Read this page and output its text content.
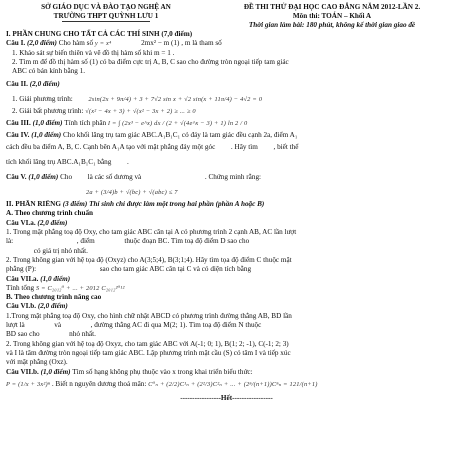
SỞ GIÁO DỤC VÀ ĐÀO TẠO NGHỆ AN
TRƯỜNG THPT QUỲNH LƯU 1
ĐỀ THI THỬ ĐẠI HỌC CAO ĐẲNG NĂM 2012-LẦN 2.
Môn thi: TOÁN – Khối A
Thời gian làm bài: 180 phút, không kể thời gian giao đề
I. PHẦN CHUNG CHO TẤT CẢ CÁC THÍ SINH (7,0 điểm)
Câu I. (2,0 điểm) Cho hàm số y = x⁴	2mx² − m (1) , m là tham số
1. Khảo sát sự biến thiên và vẽ đồ thị hàm số khi m = 1 .
2. Tìm m để đồ thị hàm số (1) có ba điểm cực trị A, B, C sao cho đường tròn ngoại tiếp tam giác
ABC có bán kính bằng 1.
Câu II. (2,0 điểm)
1. Giải phương trình: 2sin(2x + 9π/4) + 3 + 7√2 sin x + √2 sin(x + 11π/4) − 4√2 = 0
2. Giải bất phương trình: √(x² − 4x + 3) + √(x² − 3x + 2) ≥ ... ≥ 0
Câu III. (1,0 điểm) Tính tích phân I = ∫ (2x³ − e^x) dx / (2 + √(4e^x − 3) + 1) ln 2 / 0
Câu IV. (1,0 điểm) Cho khối lăng trụ tam giác ABC.A₁B₁C₁ có đáy là tam giác đều cạnh 2a, điểm A₁
cách đều ba điểm A, B, C. Cạnh bên A₁A tạo với mặt phẳng đáy một góc . Hãy tìm , biết thể
tích khối lăng trụ ABC.A₁B₁C₁ bằng .
Câu V. (1,0 điểm) Cho là các số dương và	. Chứng minh rằng:
2a + (3/4)b + √(bc) + √(abc) ≤ 7
II. PHẦN RIÊNG (3 điểm) Thí sinh chỉ được làm một trong hai phần (phần A hoặc B)
A. Theo chương trình chuẩn
Câu VI.a. (2,0 điểm)
1. Trong mặt phẳng toạ độ Oxy, cho tam giác ABC cân tại A có phương trình 2 cạnh AB, AC lần lượt
là:	, điểm	thuộc đoạn BC. Tìm toạ độ điểm D sao cho
có giá trị nhỏ nhất.
2. Trong không gian với hệ tọa độ (Oxyz) cho A(3;5;4), B(3;1;4). Hãy tìm tọa độ điểm C thuộc mặt
phẳng (P):	sao cho tam giác ABC cân tại C và có diện tích bằng
Câu VII.a. (1,0 điểm)
Tính tổng S = C₂₀₁₂⁰ + ... + 2012 C₂₀₁₂²⁰¹²
B. Theo chương trình nâng cao
Câu VI.b. (2,0 điểm)
1.Trong mặt phẳng toạ độ Oxy, cho hình chữ nhật ABCD có phương trình đường thẳng AB, BD lần
lượt là	và	, đường thẳng AC đi qua M(2; 1). Tìm toạ độ điểm N thuộc
BD sao cho	nhỏ nhất.
2. Trong không gian với hệ toạ độ Oxyz, cho tam giác ABC với A(-1; 0; 1), B(1; 2; -1), C(-1; 2; 3)
và I là tâm đường tròn ngoại tiếp tam giác ABC. Lập phương trình mặt cầu (S) có tâm I và tiếp xúc
với mặt phẳng (Oxz).
Câu VII.b. (1,0 điểm) Tìm số hạng không phụ thuộc vào x trong khai triển biểu thức:
P = (1/x + 3x²)ⁿ . Biết n nguyên dương thoả mãn: C⁰ₙ + (2/2)C¹ₙ + (2²/3)C²ₙ + ... + (2ⁿ/(n+1))Cⁿₙ = 121/(n+1)
-----------------Hết-----------------
